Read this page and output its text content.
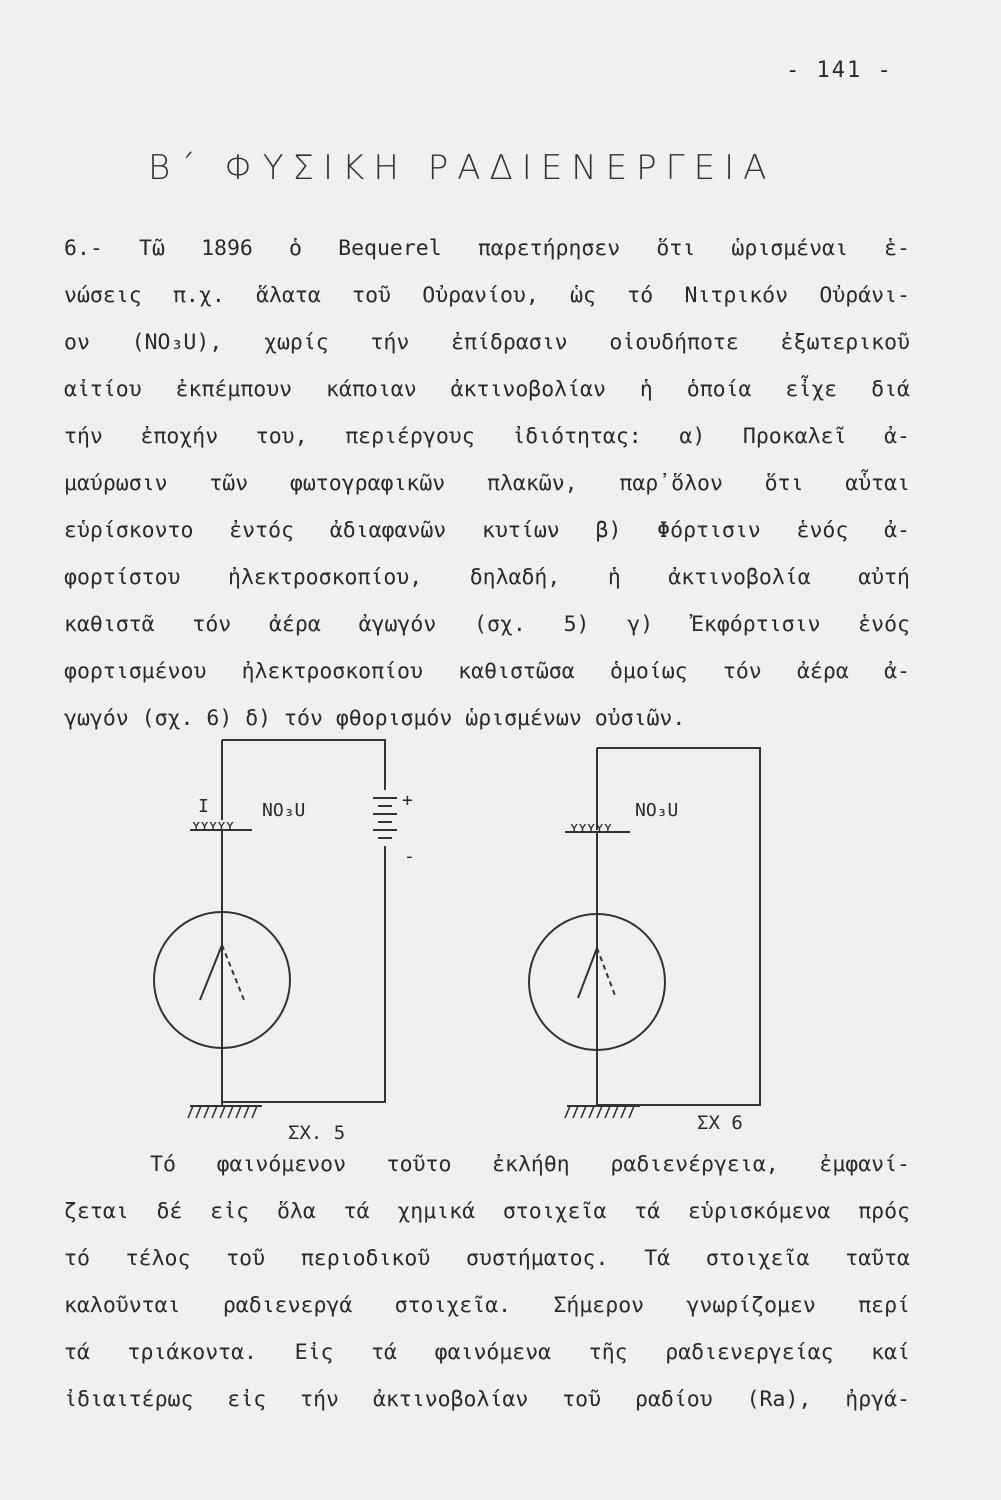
- 141 -
Β΄ ΦΥΣΙΚΗ ΡΑΔΙΕΝΕΡΓΕΙΑ
6.- Τῶ 1896 ὁ Bequerel παρετήρησεν ὅτι ὡρισμέναι ἑ-
νώσεις π.χ. ἅλατα τοῦ Οὐρανίου, ὡς τό Νιτρικόν Οὐράνι-
ον (NO₃U), χωρίς τήν ἐπίδρασιν οἱουδήποτε ἐξωτερικοῦ
αἰτίου ἐκπέμπουν κάποιαν ἀκτινοβολίαν ἡ ὁποία εἶχε διά
τήν ἐποχήν του, περιέργους ἰδιότητας: α) Προκαλεῖ ἀ-
μαύρωσιν τῶν φωτογραφικῶν πλακῶν, παρ᾽ὅλον ὅτι αὗται
εὑρίσκοντο ἐντός ἀδιαφανῶν κυτίων β) Φόρτισιν ἑνός ἀ-
φορτίστου ἠλεκτροσκοπίου, δηλαδή, ἡ ἀκτινοβολία αὐτή
καθιστᾶ τόν ἀέρα ἀγωγόν (σχ. 5) γ) Ἐκφόρτισιν ἑνός
φορτισμένου ἠλεκτροσκοπίου καθιστῶσα ὁμοίως τόν ἀέρα ἀ-
γωγόν (σχ. 6) δ) τόν φθορισμόν ὡρισμένων οὐσιῶν.
NO₃U
ʏʏʏʏʏ
I	+
-
ΣΧ. 5
NO₃U
ʏʏʏʏʏ
ΣΧ 6
Τό φαινόμενον τοῦτο ἐκλήθη ραδιενέργεια, ἐμφανί-
ζεται δέ εἰς ὅλα τά χημικά στοιχεῖα τά εὑρισκόμενα πρός
τό τέλος τοῦ περιοδικοῦ συστήματος. Τά στοιχεῖα ταῦτα
καλοῦνται ραδιενεργά στοιχεῖα. Σήμερον γνωρίζομεν περί
τά τριάκοντα. Εἰς τά φαινόμενα τῆς ραδιενεργείας καί
ἰδιαιτέρως εἰς τήν ἀκτινοβολίαν τοῦ ραδίου (Ra), ἠργά-
